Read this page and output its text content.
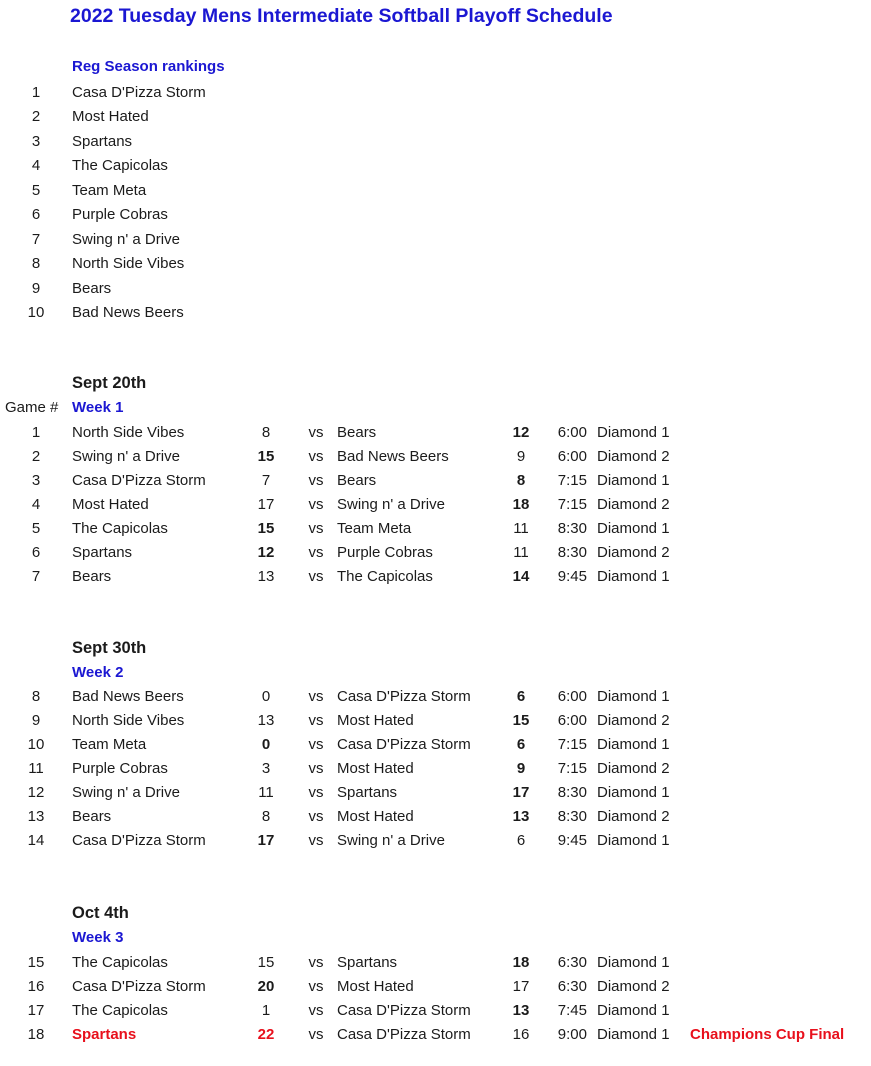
2022 Tuesday Mens Intermediate Softball Playoff Schedule
Reg Season rankings
1	Casa D'Pizza Storm
2	Most Hated
3	Spartans
4	The Capicolas
5	Team Meta
6	Purple Cobras
7	Swing n' a Drive
8	North Side Vibes
9	Bears
10	Bad News Beers
Sept 20th
Game # Week 1
1	North Side Vibes	8	vs Bears	12	6:00 Diamond 1
2	Swing n' a Drive	15	vs Bad News Beers	9	6:00 Diamond 2
3	Casa D'Pizza Storm	7	vs Bears	8	7:15 Diamond 1
4	Most Hated	17	vs Swing n' a Drive	18	7:15 Diamond 2
5	The Capicolas	15	vs Team Meta	11	8:30 Diamond 1
6	Spartans	12	vs Purple Cobras	11	8:30 Diamond 2
7	Bears	13	vs The Capicolas	14	9:45 Diamond 1
Sept 30th
Week 2
8	Bad News Beers	0	vs Casa D'Pizza Storm	6	6:00 Diamond 1
9	North Side Vibes	13	vs Most Hated	15	6:00 Diamond 2
10	Team Meta	0	vs Casa D'Pizza Storm	6	7:15 Diamond 1
11	Purple Cobras	3	vs Most Hated	9	7:15 Diamond 2
12	Swing n' a Drive	11	vs Spartans	17	8:30 Diamond 1
13	Bears	8	vs Most Hated	13	8:30 Diamond 2
14	Casa D'Pizza Storm	17	vs Swing n' a Drive	6	9:45 Diamond 1
Oct 4th
Week 3
15	The Capicolas	15	vs Spartans	18	6:30 Diamond 1
16	Casa D'Pizza Storm	20	vs Most Hated	17	6:30 Diamond 2
17	The Capicolas	1	vs Casa D'Pizza Storm	13	7:45 Diamond 1
18	Spartans	22	vs Casa D'Pizza Storm	16	9:00 Diamond 1	Champions Cup Final
